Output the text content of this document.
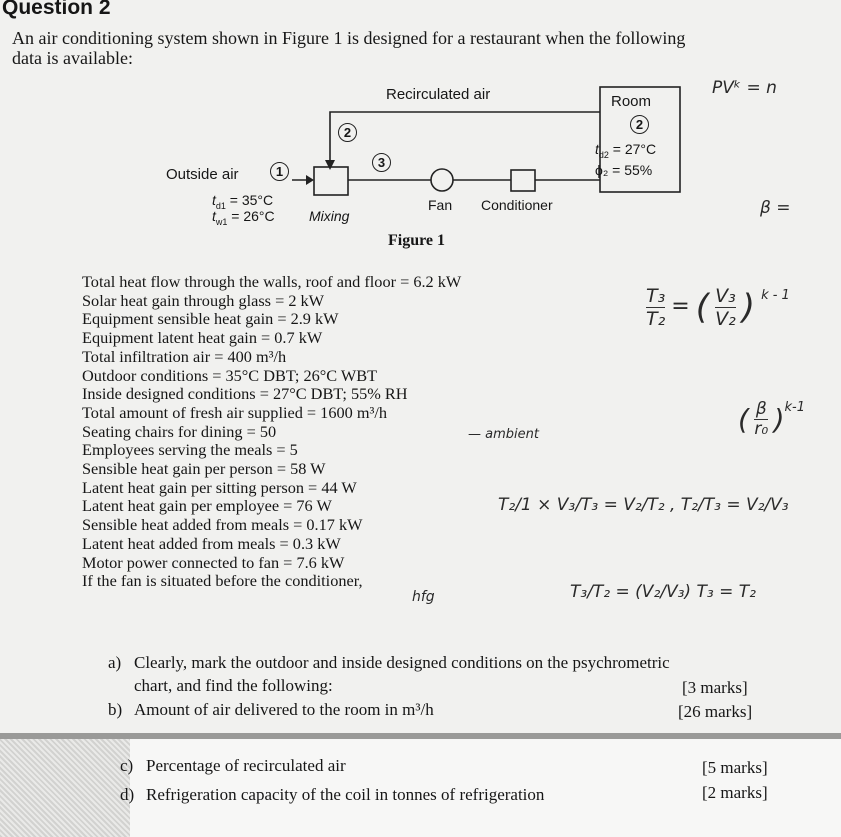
Question 2
An air conditioning system shown in Figure 1 is designed for a restaurant when the following
data is available:
Recirculated air	Room
2
2
3
Outside air	1
$t_{d1} = 35^\circ C$
$t_{w1} = 26^\circ C$ Mixing
Fan Conditioner
$t_{d2} = 27^\circ C$
ϕ₂ = 55%
Figure 1
Total heat flow through the walls, roof and floor = 6.2 kW
Solar heat gain through glass = 2 kW
Equipment sensible heat gain = 2.9 kW
Equipment latent heat gain = 0.7 kW
Total infiltration air = 400 m³/h
Outdoor conditions = 35°C DBT; 26°C WBT
Inside designed conditions = 27°C DBT; 55% RH
Total amount of fresh air supplied = 1600 m³/h
Seating chairs for dining = 50
Employees serving the meals = 5
Sensible heat gain per person = 58 W
Latent heat gain per sitting person = 44 W
Latent heat gain per employee = 76 W
Sensible heat added from meals = 0.17 kW
Latent heat added from meals = 0.3 kW
Motor power connected to fan = 7.6 kW
If the fan is situated before the conditioner,
PVᵏ = n
β =
$\frac{\text{T₃}}{\text{T₂}}$ = ( $\frac{\text{V₃}}{\text{V₂}}$ ) $^{k - 1}$
( $\frac{\beta}{\text{r₀}} )^{k-1}$
— ambient
T₂/1 × V₃/T₃ = V₂/T₂ , T₂/T₃ = V₂/V₃
T₃/T₂ = (V₂/V₃) T₃ = T₂
hfg
a) Clearly, mark the outdoor and inside designed conditions on the psychrometric
chart, and find the following:	[3 marks]
b) Amount of air delivered to the room in m³/h	[26 marks]
c) Percentage of recirculated air	[5 marks]
d) Refrigeration capacity of the coil in tonnes of refrigeration	[2 marks]
